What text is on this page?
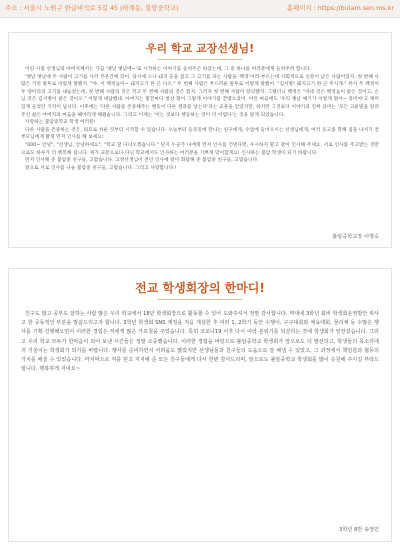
주소 : 서울시 노원구 한글비석로 5길 45 (하계동, 불암중학교)	홈페이지 : https://bulam.sen.ms.kr
우리 학교 교장선생님!

어린 시절 선생님의 아버지께서는 가끔 '옛날 옛날에~'로 시작하는 이야기를 들려주곤 하셨는데, 그 중 하나를 여러분에게 들려주려 합니다.

'옛날 옛날에 두 사람이 고기를 사러 푸줏간에 갔어. 당시에 소나 돼지 등을 잡고 그 고기를 파는 사람을 '백정'이라 부르는데 사회적으로 신분이 낮은 사람이었지. 첫 번째 사람은 거친 말투로 이렇게 말했지. "야, 이 백정놈아~ 돼지고기 한 근 다오." 두 번째 사람은 부드러운 말투로 이렇게 말했어. "김서방! 돼지고기 한 근 주시게." 한사 두 백정이 두 양어리의 고기를 내놓았는데, 첫 번째 사람의 것은 작고 두 번째 사람의 것은 컸지. 그러자 첫 번째 사람이 항의했지. 그랬더니 백정은 "자네 것은 백정놈이 팔은 것이고, 손님 것은 김서방이 팔은 것이오." 이렇게 대답했대. 아버지는 말끝마다 항상 말이 그렇게 이야기를 끝맺으셨어. 어린 마음에도 '우리 옛날 얘기가 이렇게 멀어~ 흥미야'고 재미있게 들었던 기억이 납니다. 이후에는 '다른 사람을 존중해주는 행동이 다른 결과를 낳는다'라는 교훈을 얻었지만, 하지만 그것보다 이야기의 진짜 의미는 '모든 고운말을 알려주신 삶은 아버지의 마음을 헤아리게 해줬습니다. 그리고 이제는 '이는 것보다 행동하는 것이 더 어렵다'는 것을 알게 되었습니다.

사랑하는 불암중학교 학생 여러분!

다른 사람을 존중하는 것은, 외모로 쉬운 것부터 시작할 수 있습니다. 오늘부터 등굣길에 만나는 친구에게, 수업에 들어오시는 선생님에게, 여러 동고종 학해 집을 나서기 전 부모님에게 밝게 먼저 인사를 해 보세요!

"000~ 안녕", "선생님, 안녕하세요", "학교 잘 다녀오겠습니다." 단지 누군가 나에게 먼저 인사를 건넨다면, 우시하지 말고 같이 인사해 주세요. 서로 인사를 주고받는 것만으로도 하루가 더 행복해 집니다. 제가 교문으로나 다닌 학교에서도 인사하는 여러분을 기쁘게 맞이할게요! 인사하는 불암 학생이 되기 바랍니다.

먼저 인사해 준 불암중 친구들, 고맙습니다. 고정선생님이 전년 인사에 같이 화답해 준 불암중 친구들, 고맙습니다.

앞으로 서로 인사를 나눌 불암중 친구들, 고맙습니다. 그리고 사랑합니다.!

불암중학교장 이명숙
전교 학생회장의 한마디!

친구도 많고 공부도 잘하는 사람 많은 우리 학교에서 18년 학생회장으로 활동할 수 있어 도와주셔서 정말 감사합니다. 역대에 3학년 회비 학생회운영방안 위사고 한 공동적인 부분을 말씀드리고자 합니다. 3학년 학생회 SNS 계정을 처음 개설한 후 여러 1, 2학기 동안 수행이, 구구대회와 체육대회, 물리체 등 수많은 행사를 기획·진행해오면서 이러한 경험은 저에게 많은 가르침을 주었습니다. 특히 코로나19 이후 다시 여러 분위기를 되살리는 것에 학생회가 앞장섰습니다. 그리고 우리 학교 모두가 한마음이 되어 보낸 시간들은 정말 소중했습니다. 이러한 경험을 바탕으로 불암중학교 학생회가 앞으로도 더 발전하고, 학생들의 목소리에 귀 기울이는 학생회가 되기를 바랍니다. 행사를 준비하면서 어려움도 많았지만 선생님들과 친구들의 도움으로 잘 해낼 수 있었고, 그 과정에서 책임감과 협동의 가치를 배울 수 있었습니다. 마지막으로 저를 믿고 지지해 준 모든 친구들에게 다시 한번 감사드리며, 앞으로도 불암중학교 학생회를 많이 응원해 주시길 부탁드립니다. 행복하게 지내요~

3학년 8반 송정민
